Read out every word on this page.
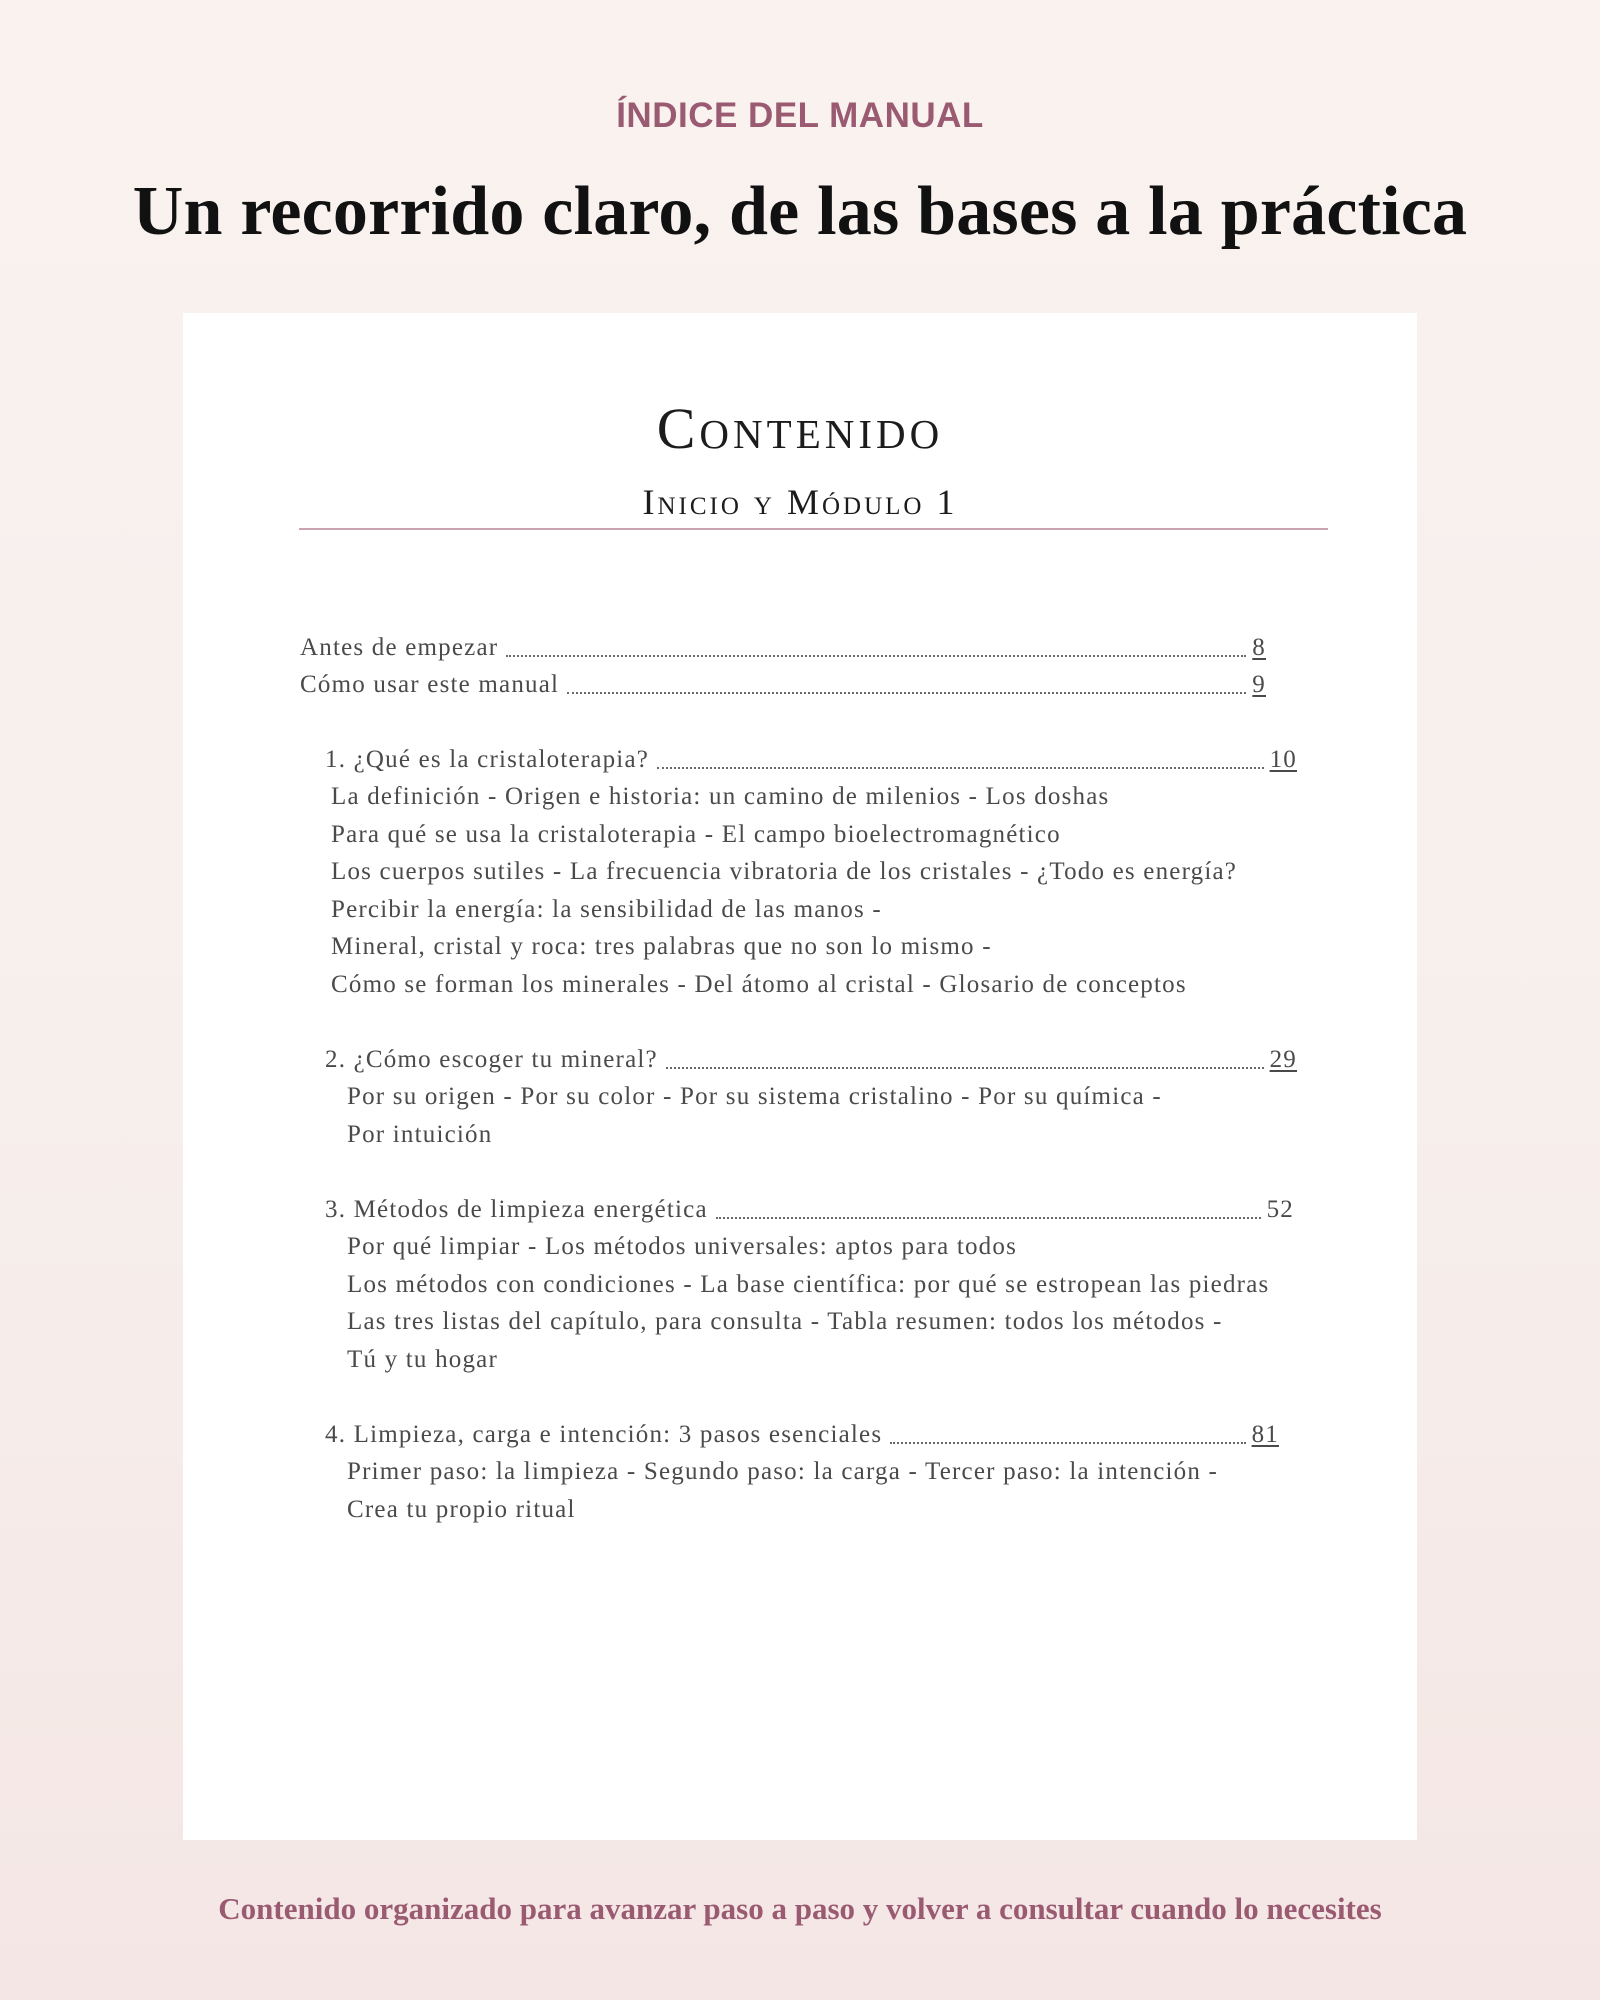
ÍNDICE DEL MANUAL
Un recorrido claro, de las bases a la práctica
Contenido
Inicio y Módulo 1
Antes de empezar	8
Cómo usar este manual	9
1. ¿Qué es la cristaloterapia?	10
La definición - Origen e historia: un camino de milenios - Los doshas
Para qué se usa la cristaloterapia - El campo bioelectromagnético
Los cuerpos sutiles - La frecuencia vibratoria de los cristales - ¿Todo es energía?
Percibir la energía: la sensibilidad de las manos -
Mineral, cristal y roca: tres palabras que no son lo mismo -
Cómo se forman los minerales - Del átomo al cristal - Glosario de conceptos
2. ¿Cómo escoger tu mineral?	29
Por su origen - Por su color - Por su sistema cristalino - Por su química -
Por intuición
3. Métodos de limpieza energética	52
Por qué limpiar - Los métodos universales: aptos para todos
Los métodos con condiciones - La base científica: por qué se estropean las piedras
Las tres listas del capítulo, para consulta - Tabla resumen: todos los métodos -
Tú y tu hogar
4. Limpieza, carga e intención: 3 pasos esenciales	81
Primer paso: la limpieza - Segundo paso: la carga - Tercer paso: la intención -
Crea tu propio ritual
Contenido organizado para avanzar paso a paso y volver a consultar cuando lo necesites
